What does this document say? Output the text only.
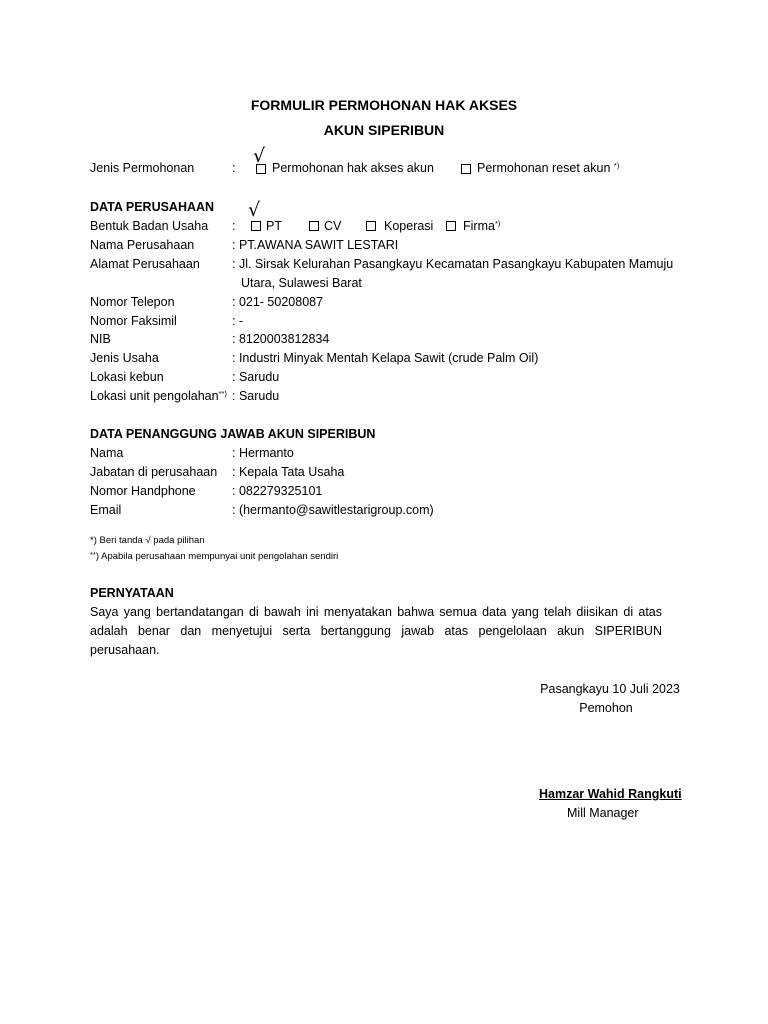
FORMULIR PERMOHONAN HAK AKSES
AKUN SIPERIBUN
Jenis Permohonan	:
√
Permohonan hak akses akun	Permohonan reset akun *)
DATA PERUSAHAAN
Bentuk Badan Usaha :
√
PT	CV	Koperasi Firma*)
Nama Perusahaan	: PT.AWANA SAWIT LESTARI
Alamat Perusahaan	: Jl. Sirsak Kelurahan Pasangkayu Kecamatan Pasangkayu Kabupaten Mamuju
Utara, Sulawesi Barat
Nomor Telepon	: 021- 50208087
Nomor Faksimil	: -
NIB	: 8120003812834
Jenis Usaha	: Industri Minyak Mentah Kelapa Sawit (crude Palm Oil)
Lokasi kebun	: Sarudu
Lokasi unit pengolahan**) : Sarudu
DATA PENANGGUNG JAWAB AKUN SIPERIBUN
Nama	: Hermanto
Jabatan di perusahaan : Kepala Tata Usaha
Nomor Handphone	: 082279325101
Email	: (hermanto@sawitlestarigroup.com)
*) Beri tanda √ pada pilihan
**) Apabila perusahaan mempunyai unit pengolahan sendiri
PERNYATAAN
Saya yang bertandatangan di bawah ini menyatakan bahwa semua data yang telah diisikan di atas adalah benar dan menyetujui serta bertanggung jawab atas pengelolaan akun SIPERIBUN perusahaan.
Pasangkayu 10 Juli 2023
Pemohon
Hamzar Wahid Rangkuti
Mill Manager
